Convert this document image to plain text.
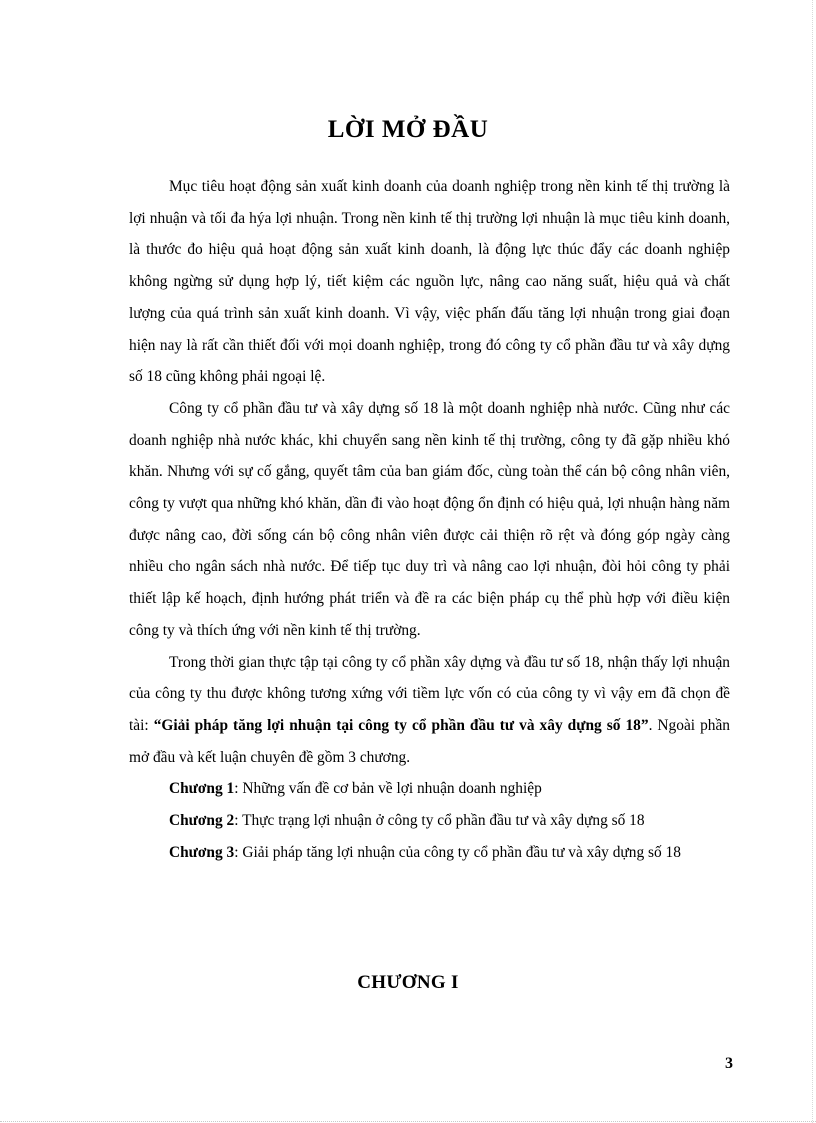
LỜI MỞ ĐẦU

Mục tiêu hoạt động sản xuất kinh doanh của doanh nghiệp trong nền kinh tế thị trường là lợi nhuận và tối đa hýa lợi nhuận. Trong nền kinh tế thị trường lợi nhuận là mục tiêu kinh doanh, là thước đo hiệu quả hoạt động sản xuất kinh doanh, là động lực thúc đẩy các doanh nghiệp không ngừng sử dụng hợp lý, tiết kiệm các nguồn lực, nâng cao năng suất, hiệu quả và chất lượng của quá trình sản xuất kinh doanh. Vì vậy, việc phấn đấu tăng lợi nhuận trong giai đoạn hiện nay là rất cần thiết đối với mọi doanh nghiệp, trong đó công ty cổ phần đầu tư và xây dựng số 18 cũng không phải ngoại lệ.

Công ty cổ phần đầu tư và xây dựng số 18 là một doanh nghiệp nhà nước. Cũng như các doanh nghiệp nhà nước khác, khi chuyển sang nền kinh tế thị trường, công ty đã gặp nhiều khó khăn. Nhưng với sự cố gắng, quyết tâm của ban giám đốc, cùng toàn thể cán bộ công nhân viên, công ty vượt qua những khó khăn, dần đi vào hoạt động ổn định có hiệu quả, lợi nhuận hàng năm được nâng cao, đời sống cán bộ công nhân viên được cải thiện rõ rệt và đóng góp ngày càng nhiều cho ngân sách nhà nước. Để tiếp tục duy trì và nâng cao lợi nhuận, đòi hỏi công ty phải thiết lập kế hoạch, định hướng phát triển và đề ra các biện pháp cụ thể phù hợp với điều kiện công ty và thích ứng với nền kinh tế thị trường.

Trong thời gian thực tập tại công ty cổ phần xây dựng và đầu tư số 18, nhận thấy lợi nhuận của công ty thu được không tương xứng với tiềm lực vốn có của công ty vì vậy em đã chọn đề tài: “Giải pháp tăng lợi nhuận tại công ty cổ phần đầu tư và xây dựng số 18”. Ngoài phần mở đầu và kết luận chuyên đề gồm 3 chương.

Chương 1: Những vấn đề cơ bản về lợi nhuận doanh nghiệp

Chương 2: Thực trạng lợi nhuận ở công ty cổ phần đầu tư và xây dựng số 18

Chương 3: Giải pháp tăng lợi nhuận của công ty cổ phần đầu tư và xây dựng số 18

CHƯƠNG I
3
